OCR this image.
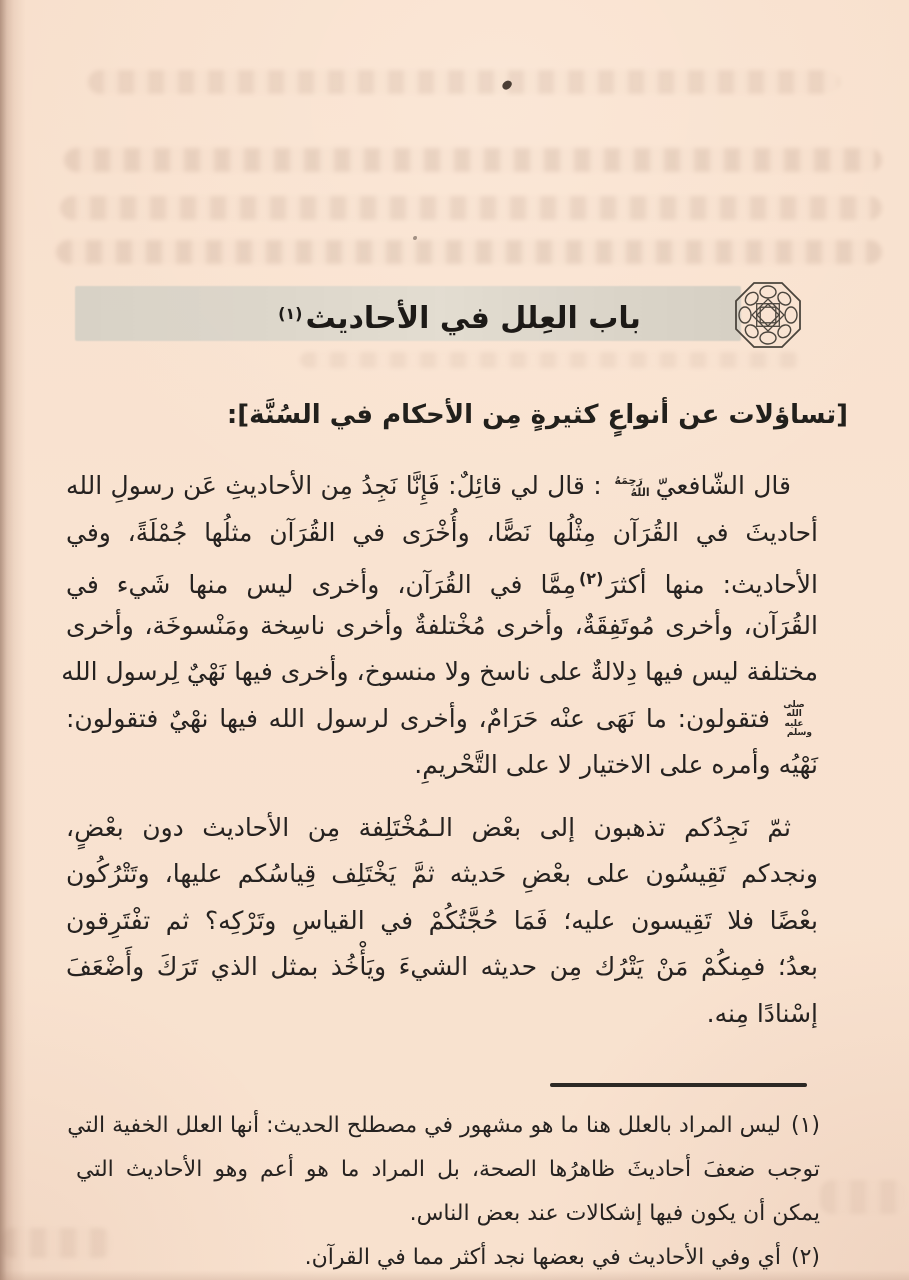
باب العِلل في الأحاديث$^{(١)}$
[تساؤلات عن أنواعٍ كثيرةٍ مِن الأحكام في السُنَّة]:
قال الشّافعيّرَحِمَهُ اللهُ: قال لي قائِلٌ: فَإِنَّا نَجِدُ مِن الأحاديثِ عَن رسولِ الله
أحاديثَ في القُرَآن مِثْلُها نَصًّا، وأُخْرَى في القُرَآن مثلُها جُمْلَةً، وفي
الأحاديث: منها أكثرَ$^{(٢)}$مِمَّا في القُرَآن، وأخرى ليس منها شَيء في
القُرَآن، وأخرى مُوتَفِقَةٌ، وأخرى مُخْتلفةٌ وأخرى ناسِخة ومَنْسوخَة، وأخرى
مختلفة ليس فيها دِلالةٌ على ناسخ ولا منسوخ، وأخرى فيها نَهْيٌ لِرسول الله
صلى الله عليه وسلمفتقولون: ما نَهَى عنْه حَرَامٌ، وأخرى لرسول الله فيها نهْيٌ فتقولون:
نَهْيُه وأمره على الاختيار لا على التَّحْريمِ.
ثمّ نَجِدُكم تذهبون إلى بعْض الـمُخْتَلِفة مِن الأحاديث دون بعْضٍ،
ونجدكم تَقِيسُون على بعْضِ حَديثه ثمَّ يَخْتَلِف قِياسُكم عليها، وتَتْرُكُون
بعْضًا فلا تَقِيسون عليه؛ فَمَا حُجَّتُكُمْ في القياسِ وتَرْكِه؟ ثم تفْتَرِقون
بعدُ؛ فمِنكُمْ مَنْ يَتْرُك مِن حديثه الشيءَ ويَأْخُذ بمثل الذي تَرَكَ وأَضْعَفَ
إسْنادًا مِنه.
(١)ليس المراد بالعلل هنا ما هو مشهور في مصطلح الحديث: أنها العلل الخفية التي
توجب ضعفَ أحاديثَ ظاهرُها الصحة، بل المراد ما هو أعم وهو الأحاديث التي
يمكن أن يكون فيها إشكالات عند بعض الناس.
(٢)أي وفي الأحاديث في بعضها نجد أكثر مما في القرآن.
